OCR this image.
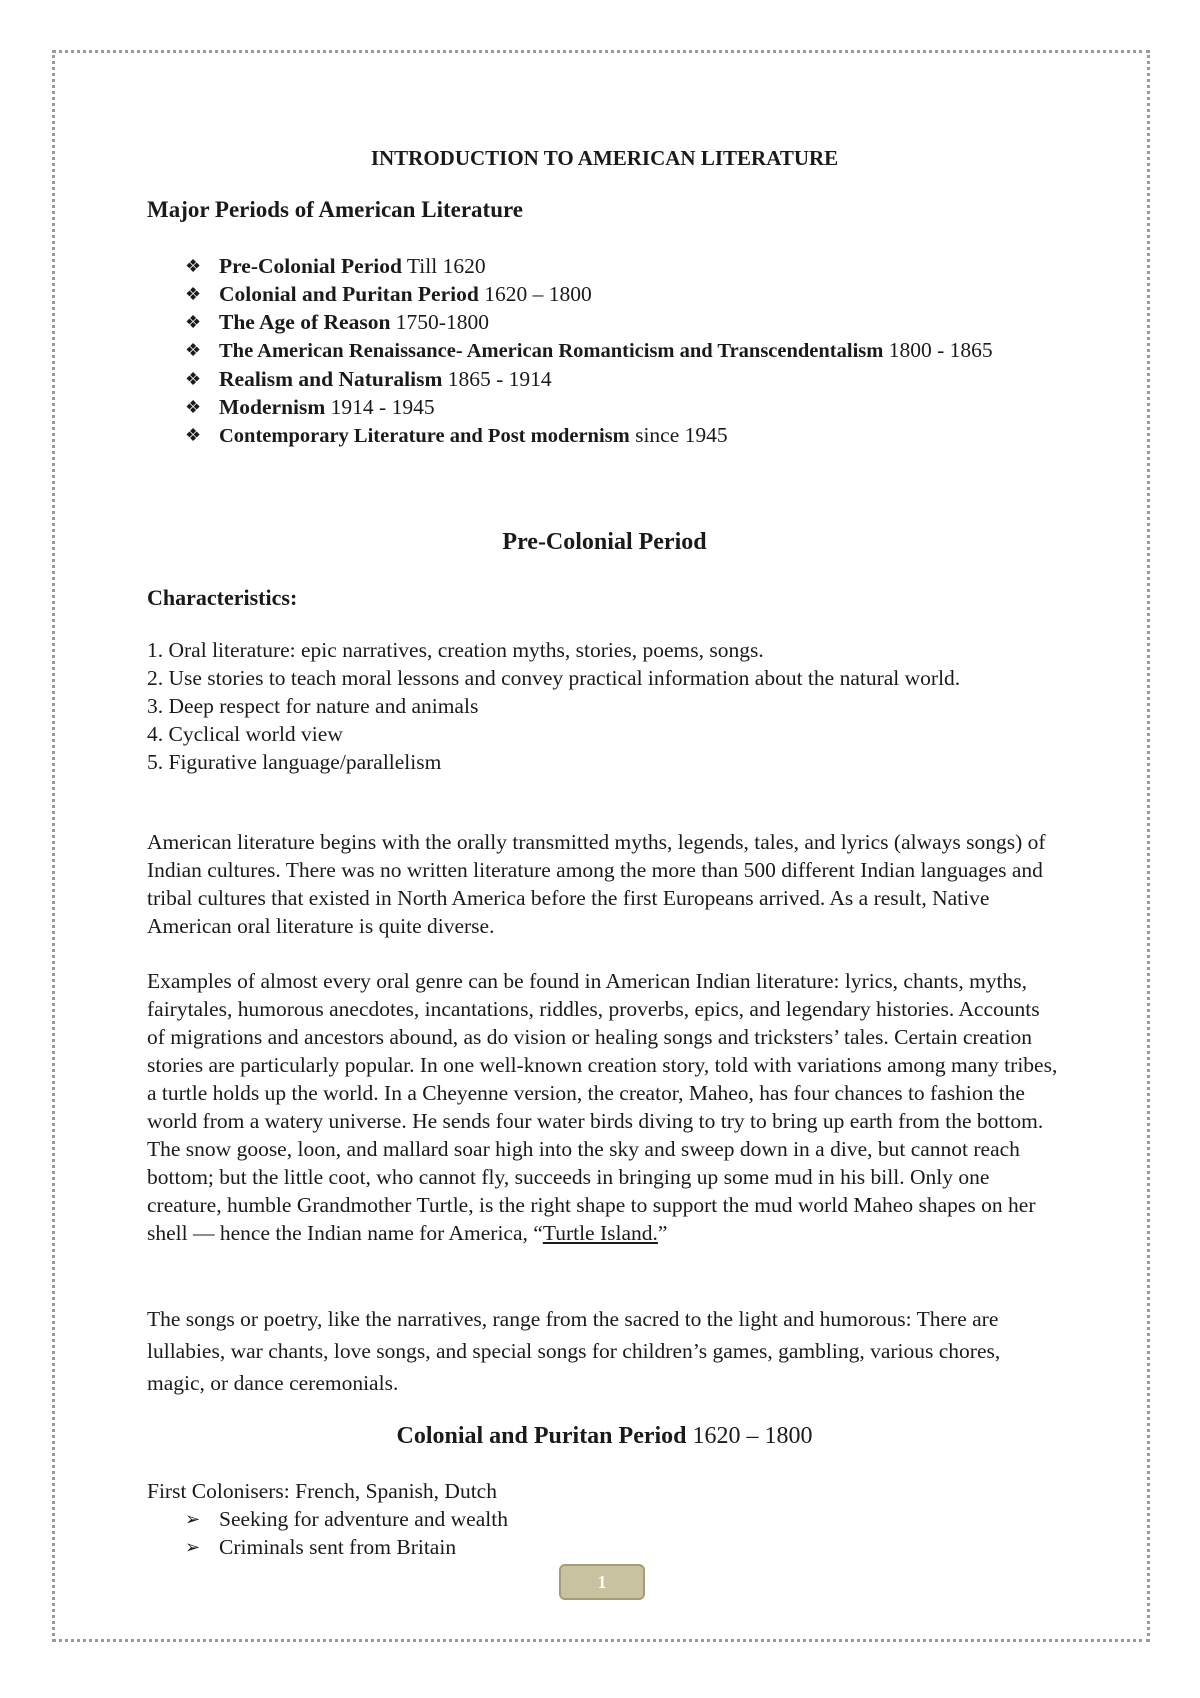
INTRODUCTION TO AMERICAN LITERATURE
Major Periods of American Literature
❖ Pre-Colonial Period Till 1620
❖ Colonial and Puritan Period 1620 – 1800
❖ The Age of Reason 1750-1800
❖ The American Renaissance- American Romanticism and Transcendentalism 1800 - 1865
❖ Realism and Naturalism 1865 - 1914
❖ Modernism 1914 - 1945
❖ Contemporary Literature and Post modernism since 1945
Pre-Colonial Period
Characteristics:
1. Oral literature: epic narratives, creation myths, stories, poems, songs.
2. Use stories to teach moral lessons and convey practical information about the natural world.
3. Deep respect for nature and animals
4. Cyclical world view
5. Figurative language/parallelism

American literature begins with the orally transmitted myths, legends, tales, and lyrics (always songs) of Indian cultures. There was no written literature among the more than 500 different Indian languages and tribal cultures that existed in North America before the first Europeans arrived. As a result, Native American oral literature is quite diverse.

Examples of almost every oral genre can be found in American Indian literature: lyrics, chants, myths, fairytales, humorous anecdotes, incantations, riddles, proverbs, epics, and legendary histories. Accounts of migrations and ancestors abound, as do vision or healing songs and tricksters’ tales. Certain creation stories are particularly popular. In one well-known creation story, told with variations among many tribes, a turtle holds up the world. In a Cheyenne version, the creator, Maheo, has four chances to fashion the world from a watery universe. He sends four water birds diving to try to bring up earth from the bottom. The snow goose, loon, and mallard soar high into the sky and sweep down in a dive, but cannot reach bottom; but the little coot, who cannot fly, succeeds in bringing up some mud in his bill. Only one creature, humble Grandmother Turtle, is the right shape to support the mud world Maheo shapes on her shell — hence the Indian name for America, “Turtle Island.”

The songs or poetry, like the narratives, range from the sacred to the light and humorous: There are lullabies, war chants, love songs, and special songs for children’s games, gambling, various chores, magic, or dance ceremonials.

Colonial and Puritan Period 1620 – 1800
First Colonisers: French, Spanish, Dutch
➢ Seeking for adventure and wealth
➢ Criminals sent from Britain
1
